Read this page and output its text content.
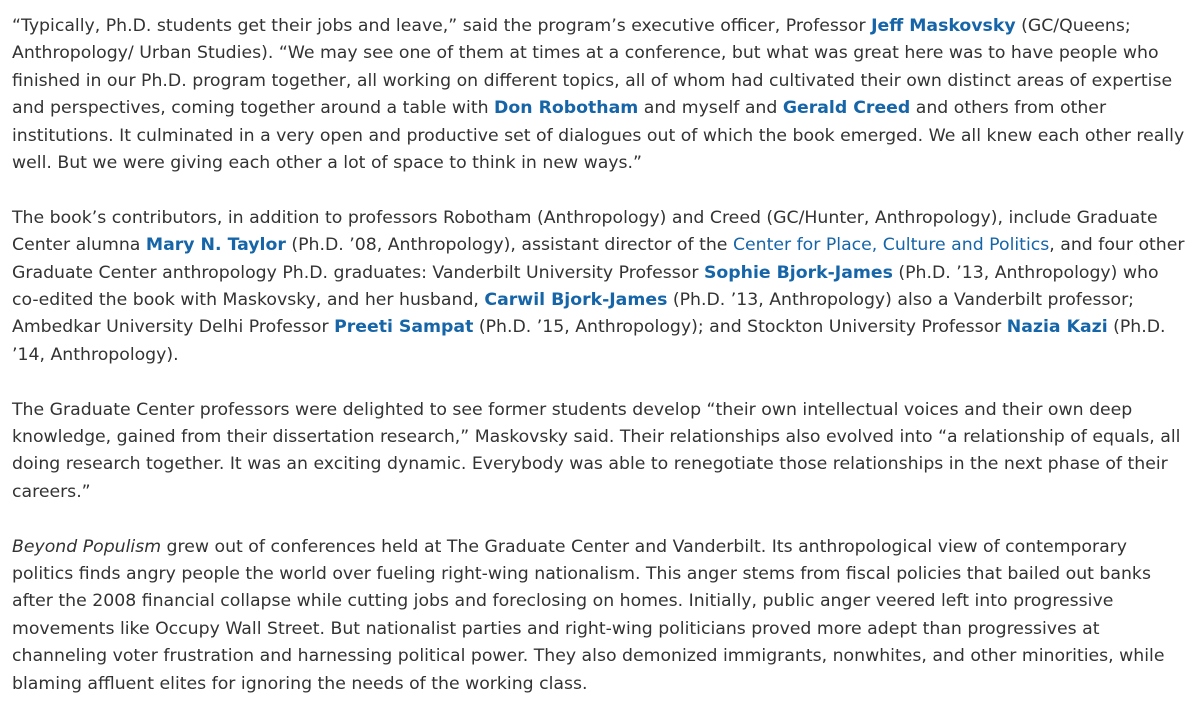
“Typically, Ph.D. students get their jobs and leave,” said the program’s executive officer, Professor Jeff Maskovsky (GC/Queens; Anthropology/ Urban Studies). “We may see one of them at times at a conference, but what was great here was to have people who finished in our Ph.D. program together, all working on different topics, all of whom had cultivated their own distinct areas of expertise and perspectives, coming together around a table with Don Robotham and myself and Gerald Creed and others from other institutions. It culminated in a very open and productive set of dialogues out of which the book emerged. We all knew each other really well. But we were giving each other a lot of space to think in new ways.”

The book’s contributors, in addition to professors Robotham (Anthropology) and Creed (GC/Hunter, Anthropology), include Graduate Center alumna Mary N. Taylor (Ph.D. ’08, Anthropology), assistant director of the Center for Place, Culture and Politics, and four other Graduate Center anthropology Ph.D. graduates: Vanderbilt University Professor Sophie Bjork-James (Ph.D. ’13, Anthropology) who co-edited the book with Maskovsky, and her husband, Carwil Bjork-James (Ph.D. ’13, Anthropology) also a Vanderbilt professor; Ambedkar University Delhi Professor Preeti Sampat (Ph.D. ’15, Anthropology); and Stockton University Professor Nazia Kazi (Ph.D. ’14, Anthropology).

The Graduate Center professors were delighted to see former students develop “their own intellectual voices and their own deep knowledge, gained from their dissertation research,” Maskovsky said. Their relationships also evolved into “a relationship of equals, all doing research together. It was an exciting dynamic. Everybody was able to renegotiate those relationships in the next phase of their careers.”

Beyond Populism grew out of conferences held at The Graduate Center and Vanderbilt. Its anthropological view of contemporary politics finds angry people the world over fueling right-wing nationalism. This anger stems from fiscal policies that bailed out banks after the 2008 financial collapse while cutting jobs and foreclosing on homes. Initially, public anger veered left into progressive movements like Occupy Wall Street. But nationalist parties and right-wing politicians proved more adept than progressives at channeling voter frustration and harnessing political power. They also demonized immigrants, nonwhites, and other minorities, while blaming affluent elites for ignoring the needs of the working class.
